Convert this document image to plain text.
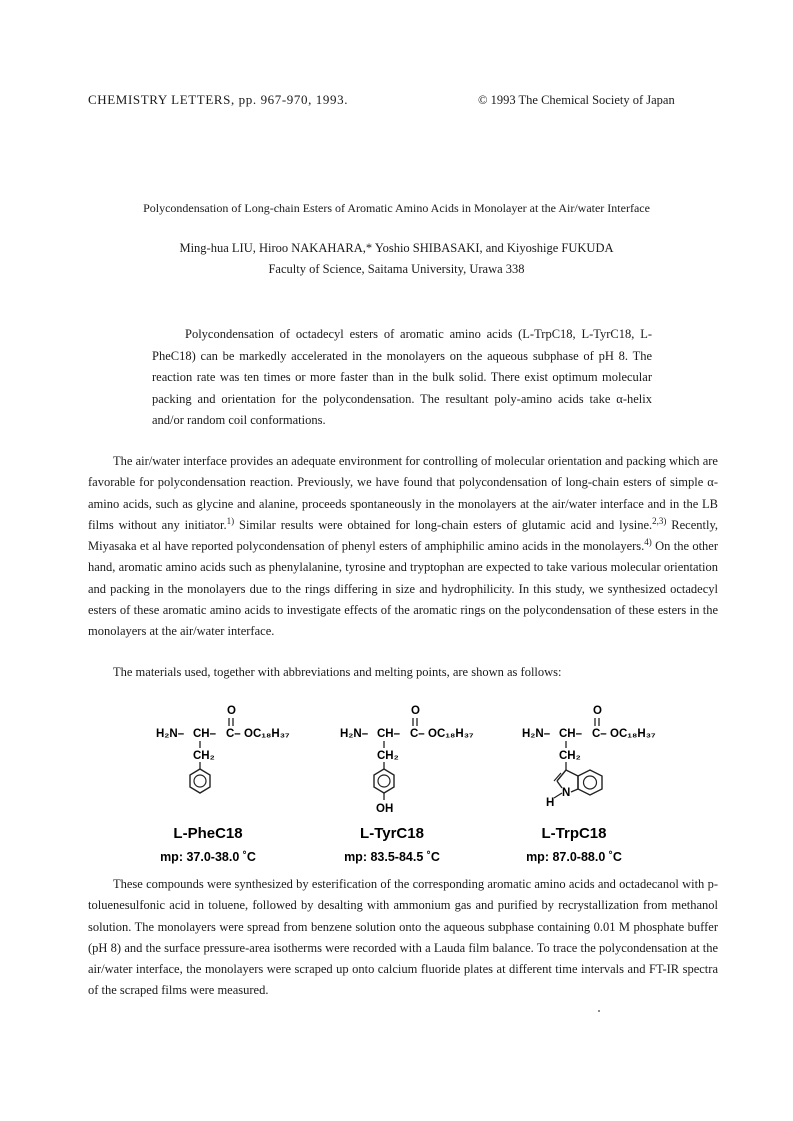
CHEMISTRY LETTERS, pp. 967-970, 1993.	© 1993 The Chemical Society of Japan
Polycondensation of Long-chain Esters of Aromatic Amino Acids in Monolayer at the Air/water Interface
Ming-hua LIU, Hiroo NAKAHARA,* Yoshio SHIBASAKI, and Kiyoshige FUKUDA
Faculty of Science, Saitama University, Urawa 338
Polycondensation of octadecyl esters of aromatic amino acids (L-TrpC18, L-TyrC18, L-PheC18) can be markedly accelerated in the monolayers on the aqueous subphase of pH 8. The reaction rate was ten times or more faster than in the bulk solid. There exist optimum molecular packing and orientation for the polycondensation. The resultant poly-amino acids take α-helix and/or random coil conformations.
The air/water interface provides an adequate environment for controlling of molecular orientation and packing which are favorable for polycondensation reaction. Previously, we have found that polycondensation of long-chain esters of simple α-amino acids, such as glycine and alanine, proceeds spontaneously in the monolayers at the air/water interface and in the LB films without any initiator.$^{1)}$ Similar results were obtained for long-chain esters of glutamic acid and lysine.$^{2,3)}$ Recently, Miyasaka et al have reported polycondensation of phenyl esters of amphiphilic amino acids in the monolayers.$^{4)}$ On the other hand, aromatic amino acids such as phenylalanine, tyrosine and tryptophan are expected to take various molecular orientation and packing in the monolayers due to the rings differing in size and hydrophilicity. In this study, we synthesized octadecyl esters of these aromatic amino acids to investigate effects of the aromatic rings on the polycondensation of these esters in the monolayers at the air/water interface.
The materials used, together with abbreviations and melting points, are shown as follows:
O
H₂N– CH– C– OC₁₈H₃₇
CH₂
L-PheC18
mp: 37.0-38.0 ˚C
O
H₂N– CH– C– OC₁₈H₃₇
CH₂
OH
L-TyrC18
mp: 83.5-84.5 ˚C
O
H₂N– CH– C– OC₁₈H₃₇
CH₂
N
H
L-TrpC18
mp: 87.0-88.0 ˚C
These compounds were synthesized by esterification of the corresponding aromatic amino acids and octadecanol with p-toluenesulfonic acid in toluene, followed by desalting with ammonium gas and purified by recrystallization from methanol solution. The monolayers were spread from benzene solution onto the aqueous subphase containing 0.01 M phosphate buffer (pH 8) and the surface pressure-area isotherms were recorded with a Lauda film balance. To trace the polycondensation at the air/water interface, the monolayers were scraped up onto calcium fluoride plates at different time intervals and FT-IR spectra of the scraped films were measured.
